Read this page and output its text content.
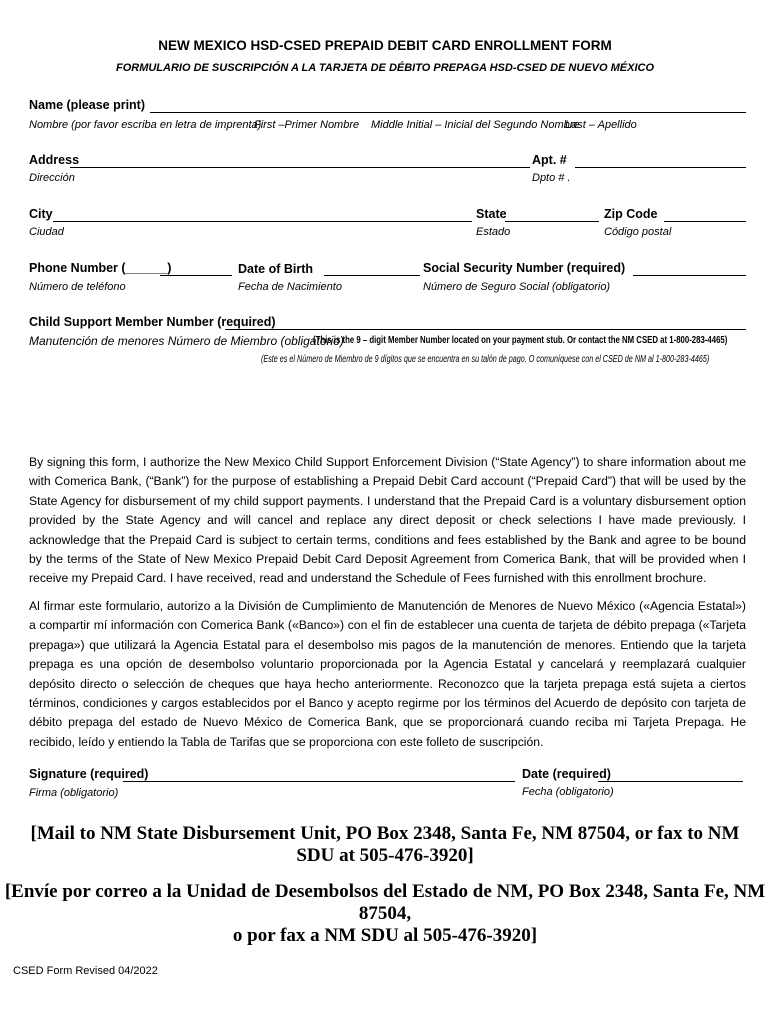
NEW MEXICO HSD-CSED PREPAID DEBIT CARD ENROLLMENT FORM
FORMULARIO DE SUSCRIPCIÓN A LA TARJETA DE DÉBITO PREPAGA HSD-CSED DE NUEVO MÉXICO
Name (please print)
Nombre (por favor escriba en letra de imprenta)
First –Primer Nombre Middle Initial – Inicial del Segundo Nombre
Last – Apellido
Address	Apt. #
Dirección	Dpto # .
City	State	Zip Code
Ciudad	Estado	Código postal
Phone Number (______)	Date of Birth	Social Security Number (required)
Número de teléfono	Fecha de Nacimiento	Número de Seguro Social (obligatorio)
Child Support Member Number (required)
Manutención de menores Número de Miembro (obligatorio)
(This is the 9 – digit Member Number located on your payment stub. Or contact the NM CSED at 1-800-283-4465)
(Este es el Número de Miembro de 9 dígitos que se encuentra en su talón de pago. O comuníquese con el CSED de NM al 1-800-283-4465)
By signing this form, I authorize the New Mexico Child Support Enforcement Division (“State Agency”) to share information about me with Comerica Bank, (“Bank”) for the purpose of establishing a Prepaid Debit Card account (“Prepaid Card”) that will be used by the State Agency for disbursement of my child support payments. I understand that the Prepaid Card is a voluntary disbursement option provided by the State Agency and will cancel and replace any direct deposit or check selections I have made previously. I acknowledge that the Prepaid Card is subject to certain terms, conditions and fees established by the Bank and agree to be bound by the terms of the State of New Mexico Prepaid Debit Card Deposit Agreement from Comerica Bank, that will be provided when I receive my Prepaid Card. I have received, read and understand the Schedule of Fees furnished with this enrollment brochure.
Al firmar este formulario, autorizo a la División de Cumplimiento de Manutención de Menores de Nuevo México («Agencia Estatal») a compartir mí información con Comerica Bank («Banco») con el fin de establecer una cuenta de tarjeta de débito prepaga («Tarjeta prepaga») que utilizará la Agencia Estatal para el desembolso mis pagos de la manutención de menores. Entiendo que la tarjeta prepaga es una opción de desembolso voluntario proporcionada por la Agencia Estatal y cancelará y reemplazará cualquier depósito directo o selección de cheques que haya hecho anteriormente. Reconozco que la tarjeta prepaga está sujeta a ciertos términos, condiciones y cargos establecidos por el Banco y acepto regirme por los términos del Acuerdo de depósito con tarjeta de débito prepaga del estado de Nuevo México de Comerica Bank, que se proporcionará cuando reciba mi Tarjeta Prepaga. He recibido, leído y entiendo la Tabla de Tarifas que se proporciona con este folleto de suscripción.
Signature (required)	Date (required)
Firma (obligatorio)	Fecha (obligatorio)
[Mail to NM State Disbursement Unit, PO Box 2348, Santa Fe, NM 87504, or fax to NM
SDU at 505-476-3920]
[Envíe por correo a la Unidad de Desembolsos del Estado de NM, PO Box 2348, Santa Fe, NM 87504,
o por fax a NM SDU al 505-476-3920]
CSED Form Revised 04/2022
